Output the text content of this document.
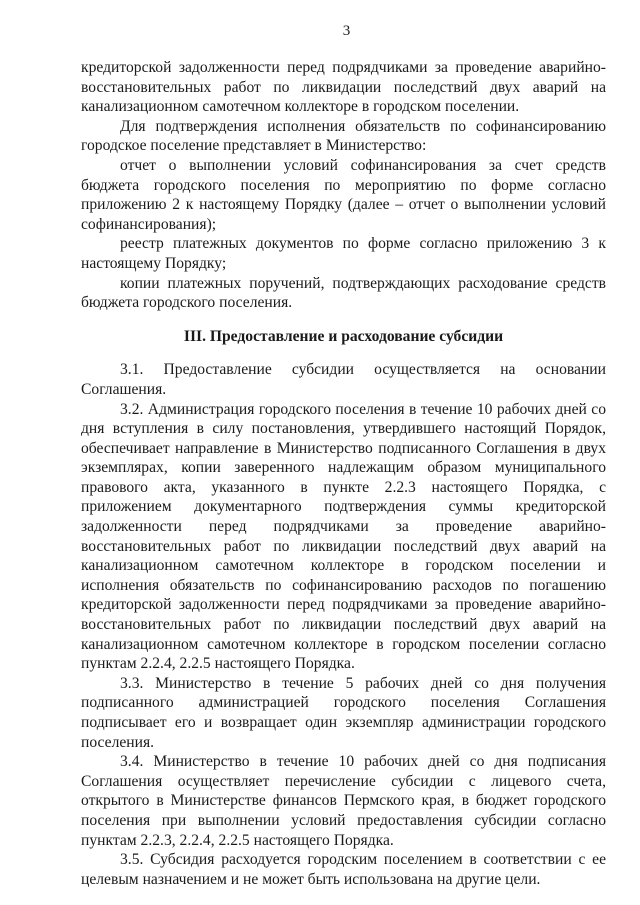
3

кредиторской задолженности перед подрядчиками за проведение аварийно-восстановительных работ по ликвидации последствий двух аварий на канализационном самотечном коллекторе в городском поселении.

Для подтверждения исполнения обязательств по софинансированию городское поселение представляет в Министерство:

отчет о выполнении условий софинансирования за счет средств бюджета городского поселения по мероприятию по форме согласно приложению 2 к настоящему Порядку (далее – отчет о выполнении условий софинансирования);

реестр платежных документов по форме согласно приложению 3 к настоящему Порядку;

копии платежных поручений, подтверждающих расходование средств бюджета городского поселения.

III. Предоставление и расходование субсидии

3.1. Предоставление субсидии осуществляется на основании Соглашения.

3.2. Администрация городского поселения в течение 10 рабочих дней со дня вступления в силу постановления, утвердившего настоящий Порядок, обеспечивает направление в Министерство подписанного Соглашения в двух экземплярах, копии заверенного надлежащим образом муниципального правового акта, указанного в пункте 2.2.3 настоящего Порядка, с приложением документарного подтверждения суммы кредиторской задолженности перед подрядчиками за проведение аварийно-восстановительных работ по ликвидации последствий двух аварий на канализационном самотечном коллекторе в городском поселении и исполнения обязательств по софинансированию расходов по погашению кредиторской задолженности перед подрядчиками за проведение аварийно-восстановительных работ по ликвидации последствий двух аварий на канализационном самотечном коллекторе в городском поселении согласно пунктам 2.2.4, 2.2.5 настоящего Порядка.

3.3. Министерство в течение 5 рабочих дней со дня получения подписанного администрацией городского поселения Соглашения подписывает его и возвращает один экземпляр администрации городского поселения.

3.4. Министерство в течение 10 рабочих дней со дня подписания Соглашения осуществляет перечисление субсидии с лицевого счета, открытого в Министерстве финансов Пермского края, в бюджет городского поселения при выполнении условий предоставления субсидии согласно пунктам 2.2.3, 2.2.4, 2.2.5 настоящего Порядка.

3.5. Субсидия расходуется городским поселением в соответствии с ее целевым назначением и не может быть использована на другие цели.
